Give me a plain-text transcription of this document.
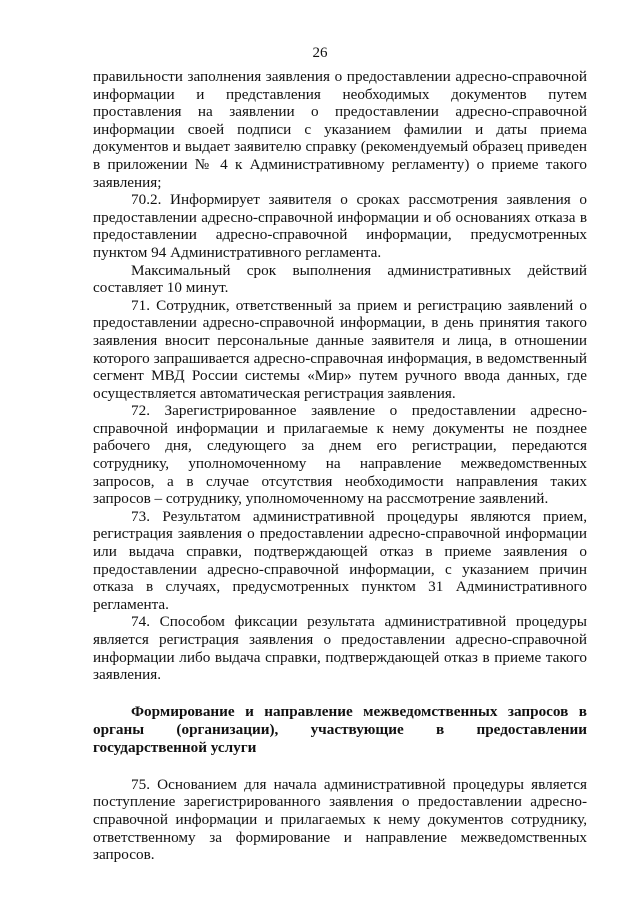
26

правильности заполнения заявления о предоставлении адресно-справочной информации и представления необходимых документов путем проставления на заявлении о предоставлении адресно-справочной информации своей подписи с указанием фамилии и даты приема документов и выдает заявителю справку (рекомендуемый образец приведен в приложении № 4 к Административному регламенту) о приеме такого заявления;

70.2. Информирует заявителя о сроках рассмотрения заявления о предоставлении адресно-справочной информации и об основаниях отказа в предоставлении адресно-справочной информации, предусмотренных пунктом 94 Административного регламента.

Максимальный срок выполнения административных действий составляет 10 минут.

71. Сотрудник, ответственный за прием и регистрацию заявлений о предоставлении адресно-справочной информации, в день принятия такого заявления вносит персональные данные заявителя и лица, в отношении которого запрашивается адресно-справочная информация, в ведомственный сегмент МВД России системы «Мир» путем ручного ввода данных, где осуществляется автоматическая регистрация заявления.

72. Зарегистрированное заявление о предоставлении адресно-справочной информации и прилагаемые к нему документы не позднее рабочего дня, следующего за днем его регистрации, передаются сотруднику, уполномоченному на направление межведомственных запросов, а в случае отсутствия необходимости направления таких запросов – сотруднику, уполномоченному на рассмотрение заявлений.

73. Результатом административной процедуры являются прием, регистрация заявления о предоставлении адресно-справочной информации или выдача справки, подтверждающей отказ в приеме заявления о предоставлении адресно-справочной информации, с указанием причин отказа в случаях, предусмотренных пунктом 31 Административного регламента.

74. Способом фиксации результата административной процедуры является регистрация заявления о предоставлении адресно-справочной информации либо выдача справки, подтверждающей отказ в приеме такого заявления.

Формирование и направление межведомственных запросов в органы (организации), участвующие в предоставлении государственной услуги

75. Основанием для начала административной процедуры является поступление зарегистрированного заявления о предоставлении адресно-справочной информации и прилагаемых к нему документов сотруднику, ответственному за формирование и направление межведомственных запросов.
